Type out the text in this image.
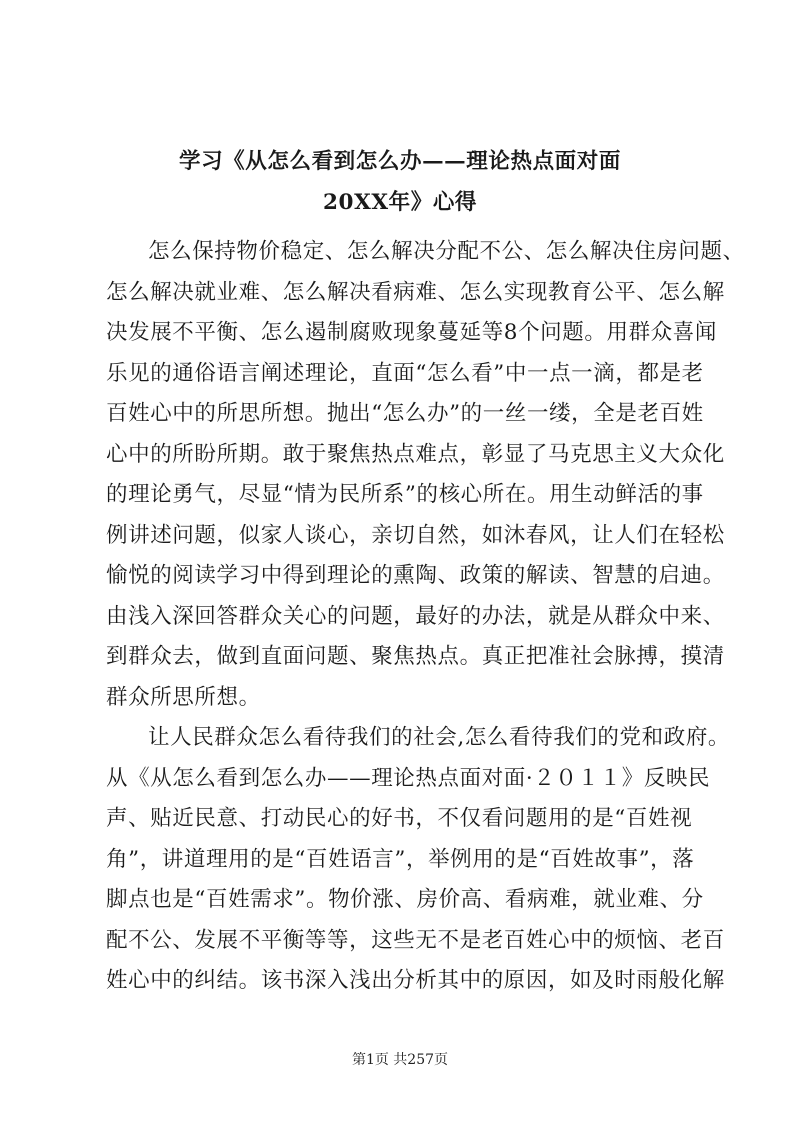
学习《从怎么看到怎么办——理论热点面对面
20XX年》心得
怎么保持物价稳定、怎么解决分配不公、怎么解决住房问题、
怎么解决就业难、怎么解决看病难、怎么实现教育公平、怎么解
决发展不平衡、怎么遏制腐败现象蔓延等8个问题。用群众喜闻
乐见的通俗语言阐述理论，直面“怎么看”中一点一滴，都是老
百姓心中的所思所想。抛出“怎么办”的一丝一缕，全是老百姓
心中的所盼所期。敢于聚焦热点难点，彰显了马克思主义大众化
的理论勇气，尽显“情为民所系”的核心所在。用生动鲜活的事
例讲述问题，似家人谈心，亲切自然，如沐春风，让人们在轻松
愉悦的阅读学习中得到理论的熏陶、政策的解读、智慧的启迪。
由浅入深回答群众关心的问题，最好的办法，就是从群众中来、
到群众去，做到直面问题、聚焦热点。真正把准社会脉搏，摸清
群众所思所想。
让人民群众怎么看待我们的社会,怎么看待我们的党和政府。
从《从怎么看到怎么办——理论热点面对面·２０１１》反映民
声、贴近民意、打动民心的好书，不仅看问题用的是“百姓视
角”，讲道理用的是“百姓语言”，举例用的是“百姓故事”，落
脚点也是“百姓需求”。物价涨、房价高、看病难，就业难、分
配不公、发展不平衡等等，这些无不是老百姓心中的烦恼、老百
姓心中的纠结。该书深入浅出分析其中的原因，如及时雨般化解
第1页 共257页
